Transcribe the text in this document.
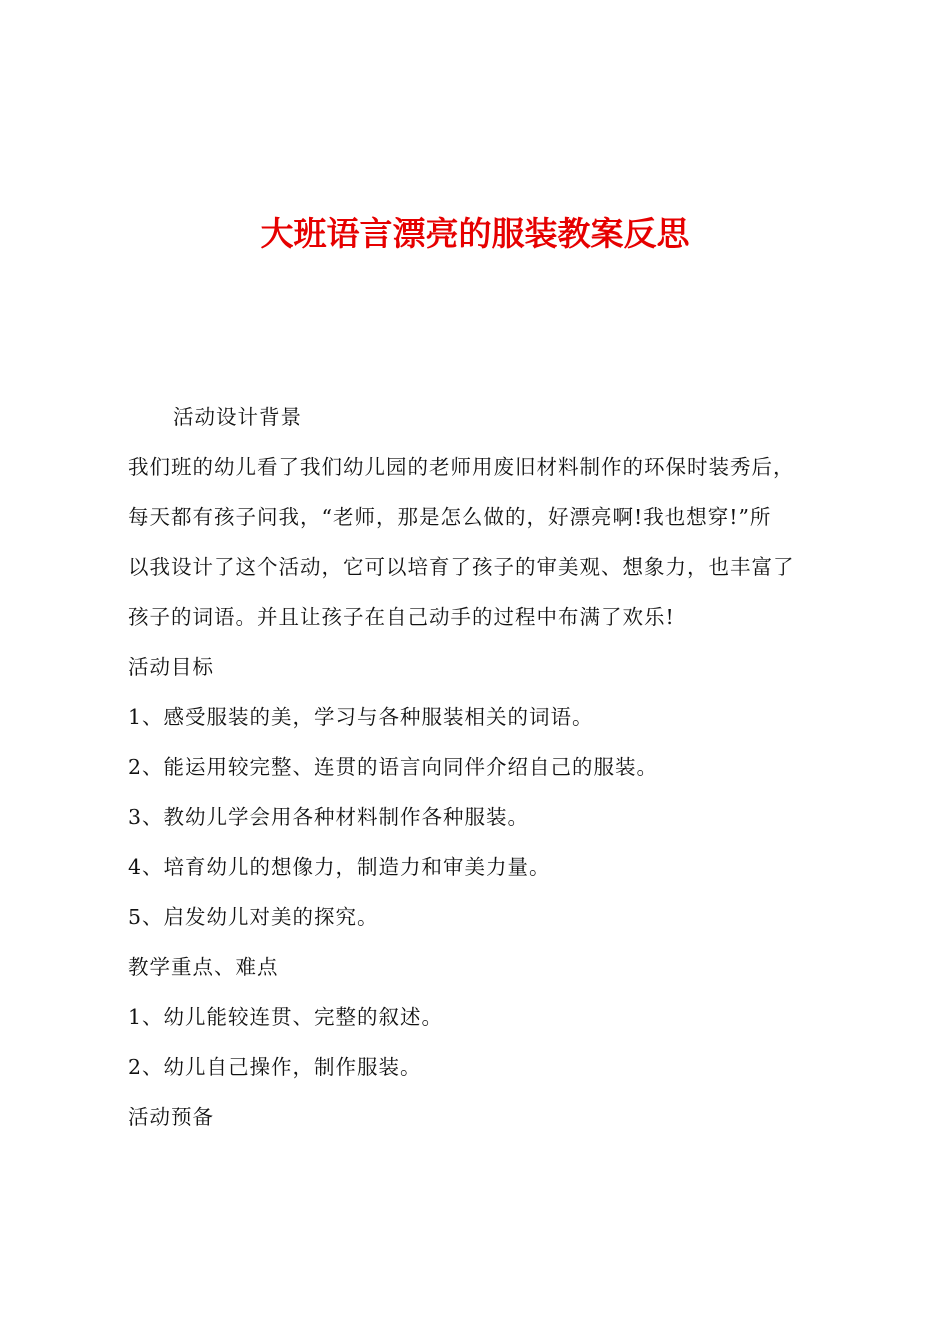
大班语言漂亮的服装教案反思
活动设计背景
我们班的幼儿看了我们幼儿园的老师用废旧材料制作的环保时装秀后，
每天都有孩子问我，“老师，那是怎么做的，好漂亮啊!我也想穿!”所
以我设计了这个活动，它可以培育了孩子的审美观、想象力，也丰富了
孩子的词语。并且让孩子在自己动手的过程中布满了欢乐!
活动目标
1、感受服装的美，学习与各种服装相关的词语。
2、能运用较完整、连贯的语言向同伴介绍自己的服装。
3、教幼儿学会用各种材料制作各种服装。
4、培育幼儿的想像力，制造力和审美力量。
5、启发幼儿对美的探究。
教学重点、难点
1、幼儿能较连贯、完整的叙述。
2、幼儿自己操作，制作服装。
活动预备
